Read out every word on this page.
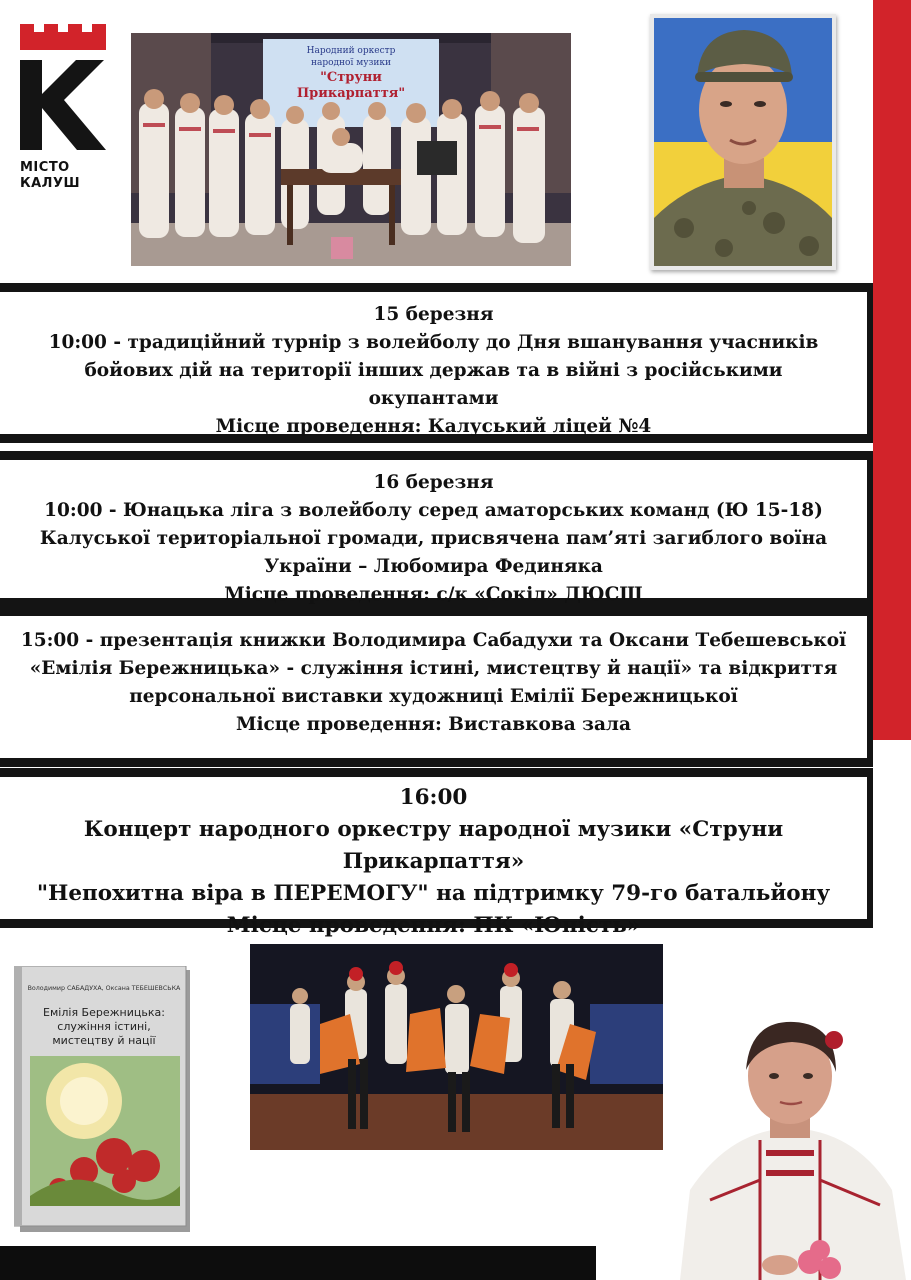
МІСТО
КАЛУШ
Народний оркестр
народної музики
"Струни
Прикарпаття"
15 березня
10:00 - традиційний турнір з волейболу до Дня вшанування учасників
бойових дій на території інших держав та в війні з російськими
окупантами
Місце проведення: Калуський ліцей №4
16 березня
10:00 - Юнацька ліга з волейболу серед аматорських команд (Ю 15-18)
Калуської територіальної громади, присвячена пам’яті загиблого воїна
України – Любомира Фединяка
Місце проведення: с/к «Сокіл» ДЮСШ
15:00 - презентація книжки Володимира Сабадухи та Оксани Тебешевської
«Емілія Бережницька» - служіння істині, мистецтву й нації» та відкриття
персональної виставки художниці Емілії Бережницької
Місце проведення: Виставкова зала
16:00
Концерт народного оркестру народної музики «Струни Прикарпаття»
"Непохитна віра в ПЕРЕМОГУ" на підтримку 79-го батальйону
Місце проведення: ПК «Юність»
Володимир САБАДУХА, Оксана ТЕБЕШЕВСЬКА
Емілія Бережницька:
служіння істині,
мистецтву й нації
